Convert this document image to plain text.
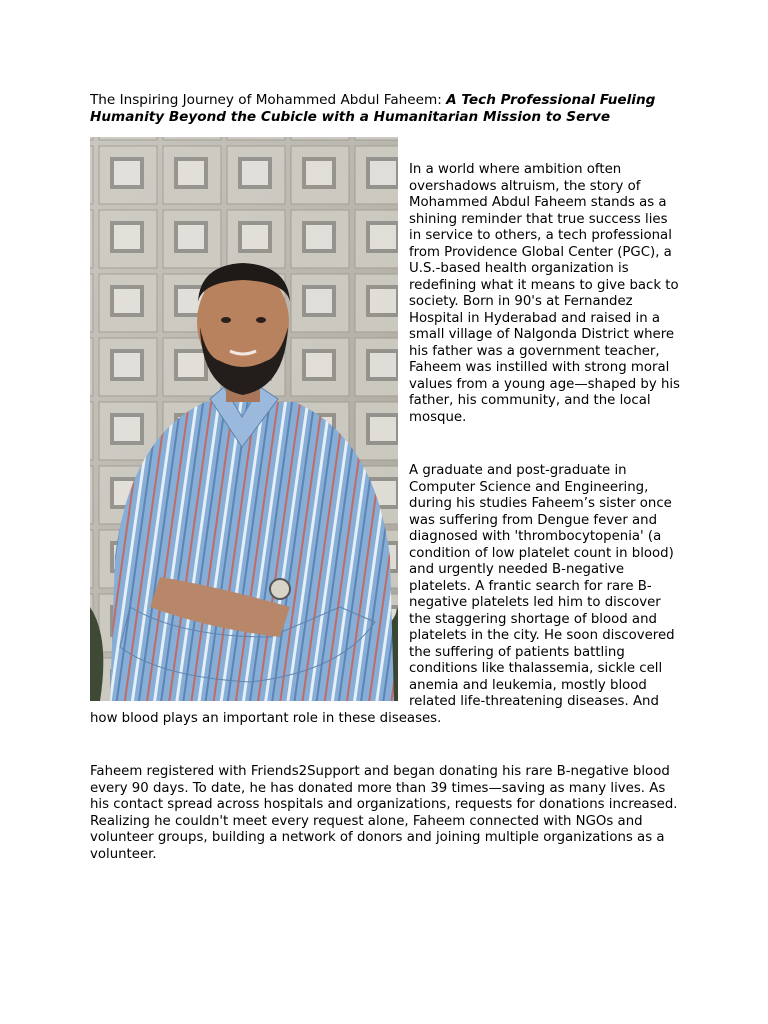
The Inspiring Journey of Mohammed Abdul Faheem: A Tech Professional Fueling Humanity Beyond the Cubicle with a Humanitarian Mission to Serve

In a world where ambition often overshadows altruism, the story of Mohammed Abdul Faheem stands as a shining reminder that true success lies in service to others, a tech professional from Providence Global Center (PGC), a U.S.-based health organization is redefining what it means to give back to society. Born in 90's at Fernandez Hospital in Hyderabad and raised in a small village of Nalgonda District where his father was a government teacher, Faheem was instilled with strong moral values from a young age—shaped by his father, his community, and the local mosque.

A graduate and post-graduate in Computer Science and Engineering, during his studies Faheem’s sister once was suffering from Dengue fever and diagnosed with 'thrombocytopenia' (a condition of low platelet count in blood) and urgently needed B-negative platelets. A frantic search for rare B-negative platelets led him to discover the staggering shortage of blood and platelets in the city. He soon discovered the suffering of patients battling conditions like thalassemia, sickle cell anemia and leukemia, mostly blood related life-threatening diseases. And how blood plays an important role in these diseases.

Faheem registered with Friends2Support and began donating his rare B-negative blood every 90 days. To date, he has donated more than 39 times—saving as many lives. As his contact spread across hospitals and organizations, requests for donations increased. Realizing he couldn't meet every request alone, Faheem connected with NGOs and volunteer groups, building a network of donors and joining multiple organizations as a volunteer.
